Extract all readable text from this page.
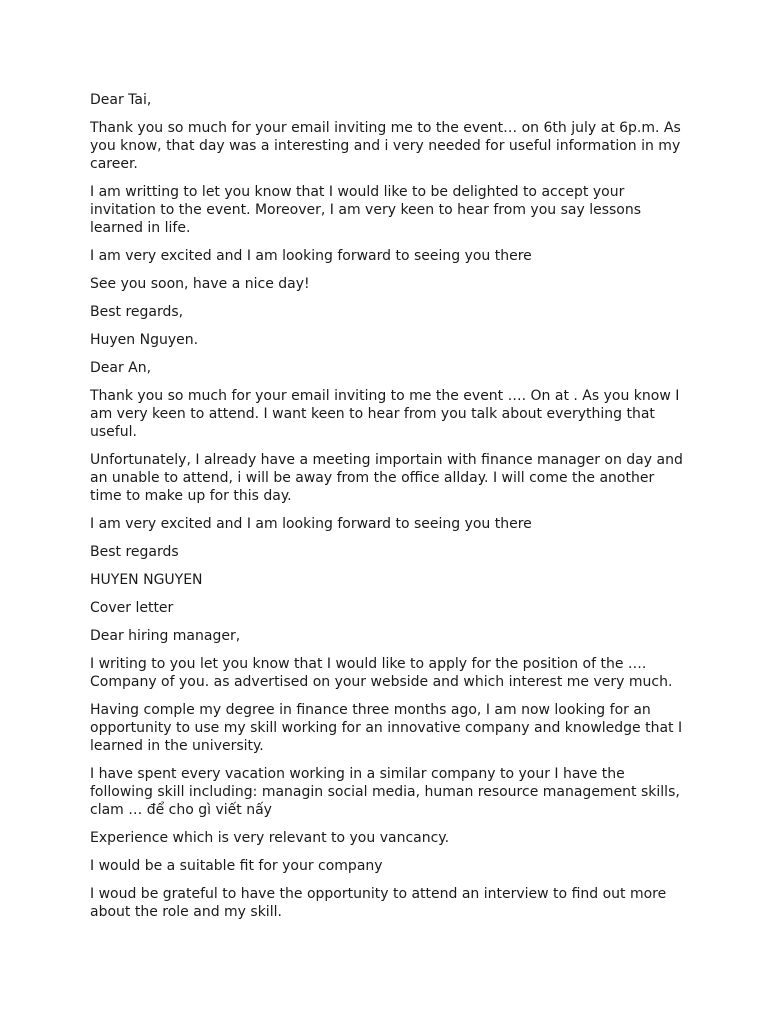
Dear Tai,

Thank you so much for your email inviting me to the event… on 6th july at 6p.m. As you know, that day was a interesting and i very needed for useful information in my career.

I am writting to let you know that I would like to be delighted to accept your invitation to the event. Moreover, I am very keen to hear from you say lessons learned in life.

I am very excited and I am looking forward to seeing you there

See you soon, have a nice day!

Best regards,

Huyen Nguyen.

Dear An,

Thank you so much for your email inviting to me the event …. On at . As you know I am very keen to attend. I want keen to hear from you talk about everything that useful.

Unfortunately, I already have a meeting importain with finance manager on day and an unable to attend, i will be away from the office allday. I will come the another time to make up for this day.

I am very excited and I am looking forward to seeing you there

Best regards

HUYEN NGUYEN

Cover letter

Dear hiring manager,

I writing to you let you know that I would like to apply for the position of the …. Company of you. as advertised on your webside and which interest me very much.

Having comple my degree in finance three months ago, I am now looking for an opportunity to use my skill working for an innovative company and knowledge that I learned in the university.

I have spent every vacation working in a similar company to your I have the following skill including: managin social media, human resource management skills, clam … để cho gì viết nấy

Experience which is very relevant to you vancancy.

I would be a suitable fit for your company

I woud be grateful to have the opportunity to attend an interview to find out more about the role and my skill.
